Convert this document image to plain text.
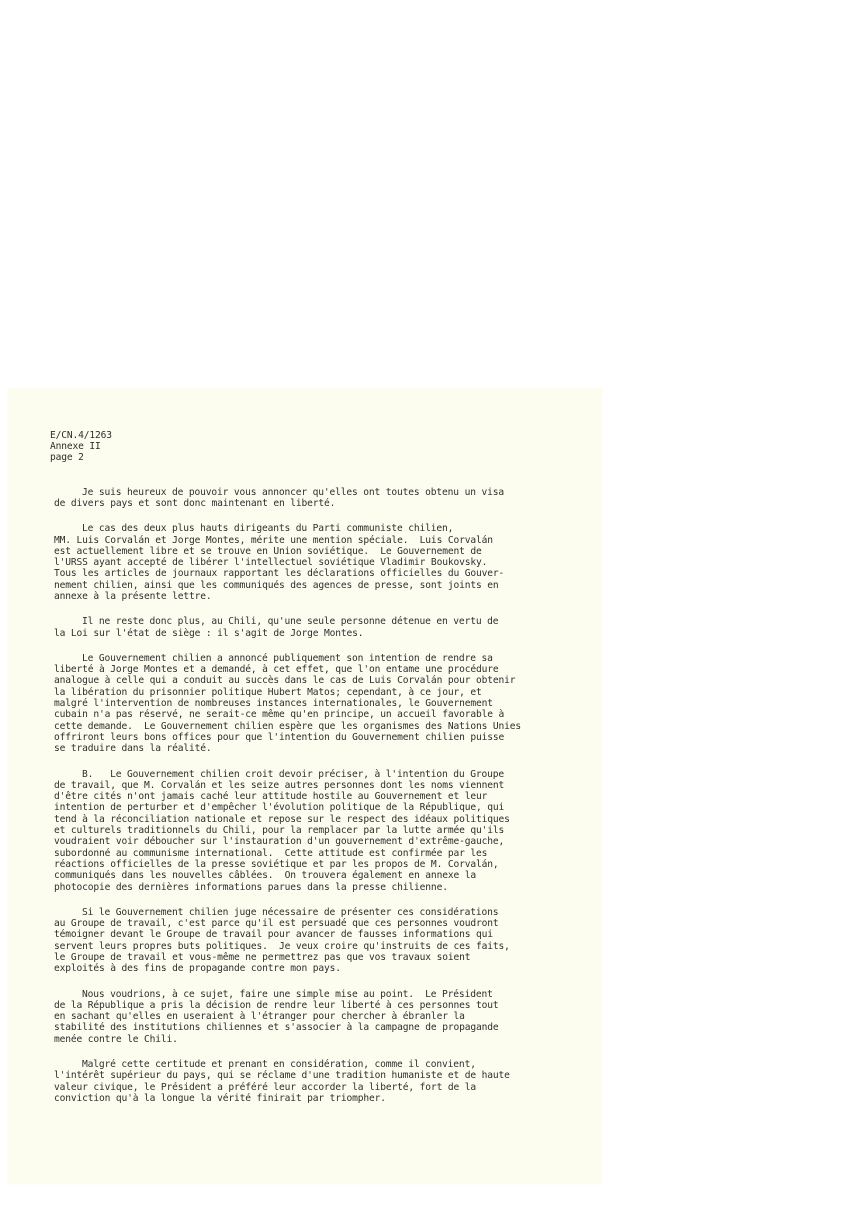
E/CN.4/1263
Annexe II
page 2
Je suis heureux de pouvoir vous annoncer qu'elles ont toutes obtenu un visa
de divers pays et sont donc maintenant en liberté.
Le cas des deux plus hauts dirigeants du Parti communiste chilien,
MM. Luis Corvalán et Jorge Montes, mérite une mention spéciale.  Luis Corvalán
est actuellement libre et se trouve en Union soviétique.  Le Gouvernement de
l'URSS ayant accepté de libérer l'intellectuel soviétique Vladimir Boukovsky.
Tous les articles de journaux rapportant les déclarations officielles du Gouver-
nement chilien, ainsi que les communiqués des agences de presse, sont joints en
annexe à la présente lettre.
Il ne reste donc plus, au Chili, qu'une seule personne détenue en vertu de
la Loi sur l'état de siège : il s'agit de Jorge Montes.
Le Gouvernement chilien a annoncé publiquement son intention de rendre sa
liberté à Jorge Montes et a demandé, à cet effet, que l'on entame une procédure
analogue à celle qui a conduit au succès dans le cas de Luis Corvalán pour obtenir
la libération du prisonnier politique Hubert Matos; cependant, à ce jour, et
malgré l'intervention de nombreuses instances internationales, le Gouvernement
cubain n'a pas réservé, ne serait-ce même qu'en principe, un accueil favorable à
cette demande.  Le Gouvernement chilien espère que les organismes des Nations Unies
offriront leurs bons offices pour que l'intention du Gouvernement chilien puisse
se traduire dans la réalité.
B.   Le Gouvernement chilien croit devoir préciser, à l'intention du Groupe
de travail, que M. Corvalán et les seize autres personnes dont les noms viennent
d'être cités n'ont jamais caché leur attitude hostile au Gouvernement et leur
intention de perturber et d'empêcher l'évolution politique de la République, qui
tend à la réconciliation nationale et repose sur le respect des idéaux politiques
et culturels traditionnels du Chili, pour la remplacer par la lutte armée qu'ils
voudraient voir déboucher sur l'instauration d'un gouvernement d'extrême-gauche,
subordonné au communisme international.  Cette attitude est confirmée par les
réactions officielles de la presse soviétique et par les propos de M. Corvalán,
communiqués dans les nouvelles câblées.  On trouvera également en annexe la
photocopie des dernières informations parues dans la presse chilienne.
Si le Gouvernement chilien juge nécessaire de présenter ces considérations
au Groupe de travail, c'est parce qu'il est persuadé que ces personnes voudront
témoigner devant le Groupe de travail pour avancer de fausses informations qui
servent leurs propres buts politiques.  Je veux croire qu'instruits de ces faits,
le Groupe de travail et vous-même ne permettrez pas que vos travaux soient
exploités à des fins de propagande contre mon pays.
Nous voudrions, à ce sujet, faire une simple mise au point.  Le Président
de la République a pris la décision de rendre leur liberté à ces personnes tout
en sachant qu'elles en useraient à l'étranger pour chercher à ébranler la
stabilité des institutions chiliennes et s'associer à la campagne de propagande
menée contre le Chili.
Malgré cette certitude et prenant en considération, comme il convient,
l'intérêt supérieur du pays, qui se réclame d'une tradition humaniste et de haute
valeur civique, le Président a préféré leur accorder la liberté, fort de la
conviction qu'à la longue la vérité finirait par triompher.
